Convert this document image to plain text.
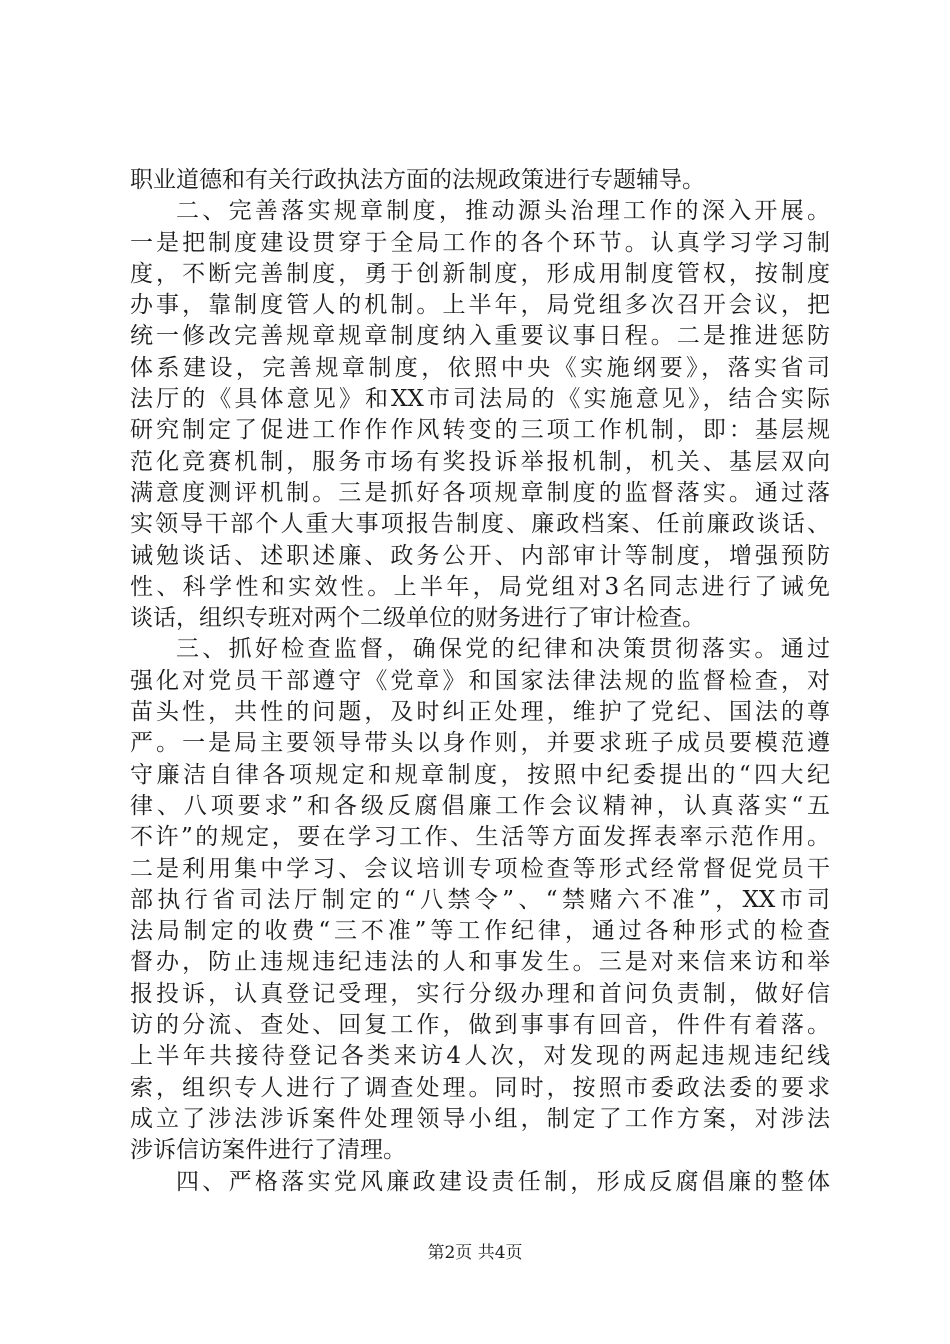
职业道德和有关行政执法方面的法规政策进行专题辅导。
二、完善落实规章制度，推动源头治理工作的深入开展。
一是把制度建设贯穿于全局工作的各个环节。认真学习学习制
度，不断完善制度，勇于创新制度，形成用制度管权，按制度
办事，靠制度管人的机制。上半年，局党组多次召开会议，把
统一修改完善规章规章制度纳入重要议事日程。二是推进惩防
体系建设，完善规章制度，依照中央《实施纲要》，落实省司
法厅的《具体意见》和XX市司法局的《实施意见》，结合实际
研究制定了促进工作作作风转变的三项工作机制，即：基层规
范化竞赛机制，服务市场有奖投诉举报机制，机关、基层双向
满意度测评机制。三是抓好各项规章制度的监督落实。通过落
实领导干部个人重大事项报告制度、廉政档案、任前廉政谈话、
诫勉谈话、述职述廉、政务公开、内部审计等制度，增强预防
性、科学性和实效性。上半年，局党组对3名同志进行了诫免
谈话，组织专班对两个二级单位的财务进行了审计检查。
三、抓好检查监督，确保党的纪律和决策贯彻落实。通过
强化对党员干部遵守《党章》和国家法律法规的监督检查，对
苗头性，共性的问题，及时纠正处理，维护了党纪、国法的尊
严。一是局主要领导带头以身作则，并要求班子成员要模范遵
守廉洁自律各项规定和规章制度，按照中纪委提出的“四大纪
律、八项要求”和各级反腐倡廉工作会议精神，认真落实“五
不许”的规定，要在学习工作、生活等方面发挥表率示范作用。
二是利用集中学习、会议培训专项检查等形式经常督促党员干
部执行省司法厅制定的“八禁令”、“禁赌六不准”，XX市司
法局制定的收费“三不准”等工作纪律，通过各种形式的检查
督办，防止违规违纪违法的人和事发生。三是对来信来访和举
报投诉，认真登记受理，实行分级办理和首问负责制，做好信
访的分流、查处、回复工作，做到事事有回音，件件有着落。
上半年共接待登记各类来访4人次，对发现的两起违规违纪线
索，组织专人进行了调查处理。同时，按照市委政法委的要求
成立了涉法涉诉案件处理领导小组，制定了工作方案，对涉法
涉诉信访案件进行了清理。
四、严格落实党风廉政建设责任制，形成反腐倡廉的整体
第2页 共4页
